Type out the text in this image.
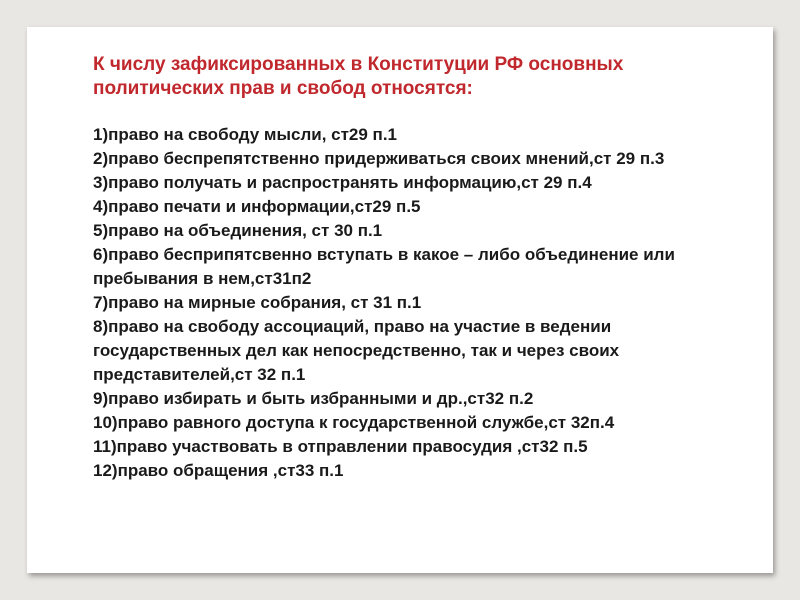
К числу зафиксированных в Конституции РФ основных политических прав и свобод относятся:

1)право на свободу мысли, ст29 п.1
2)право беспрепятственно придерживаться своих мнений,ст 29 п.3
3)право получать и распространять информацию,ст 29 п.4
4)право печати и информации,ст29 п.5
5)право на объединения, ст 30 п.1
6)право бесприпятсвенно вступать в какое – либо объединение или пребывания в нем,ст31п2
7)право на мирные собрания, ст 31 п.1
8)право на свободу ассоциаций, право на участие в ведении государственных дел как непосредственно, так и через своих представителей,ст 32 п.1
9)право избирать и быть избранными и др.,ст32 п.2
10)право равного доступа к государственной службе,ст 32п.4
11)право участвовать в отправлении правосудия ,ст32 п.5
12)право обращения ,ст33 п.1
